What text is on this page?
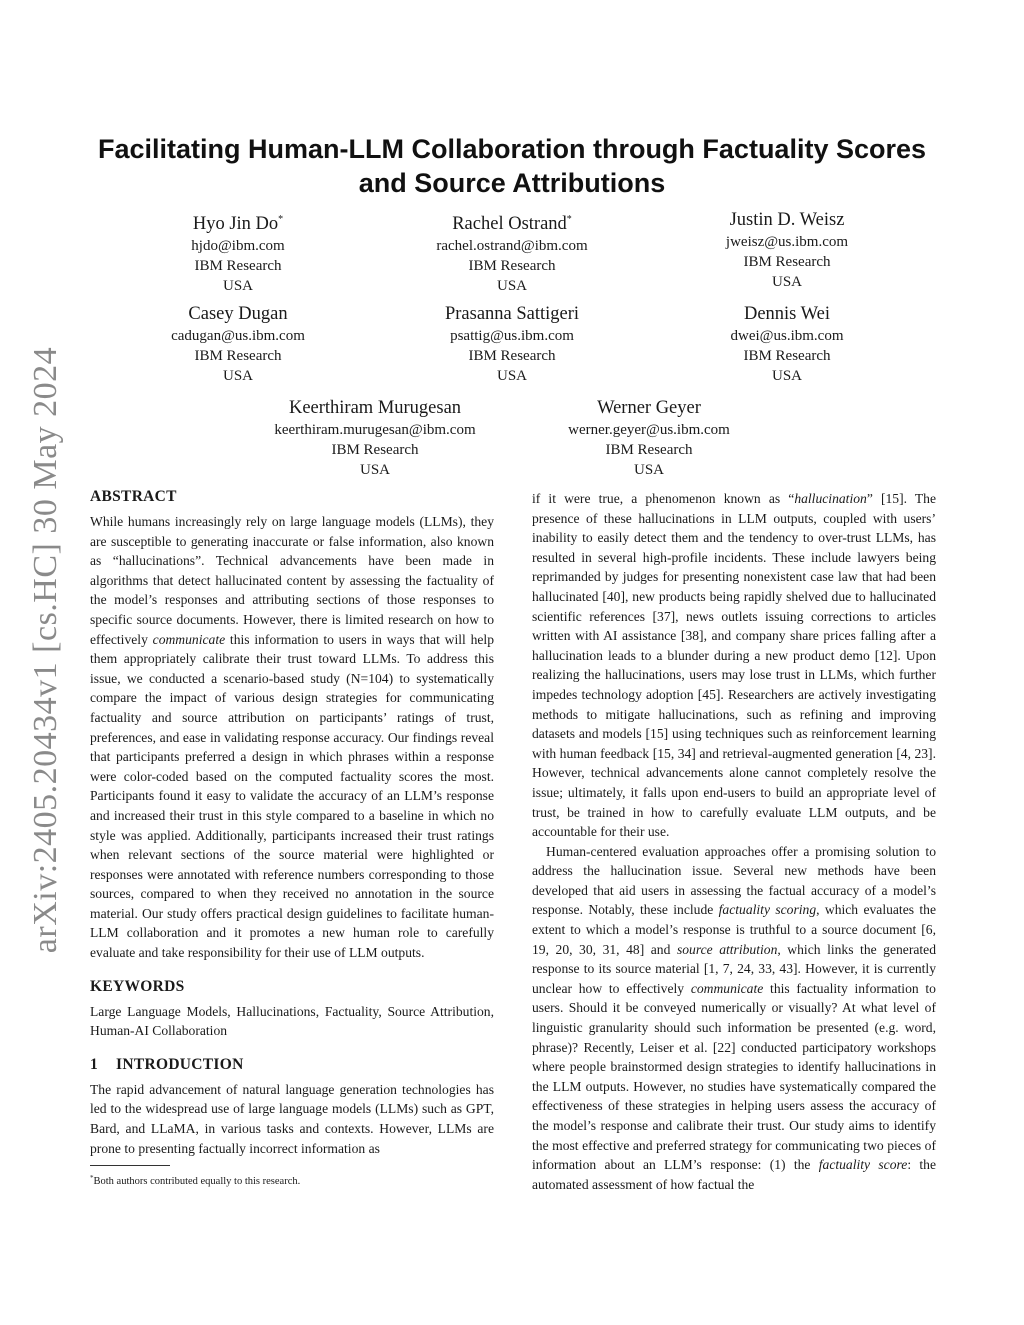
arXiv:2405.20434v1 [cs.HC] 30 May 2024
Facilitating Human-LLM Collaboration through Factuality Scores and Source Attributions
Hyo Jin Do*
hjdo@ibm.com
IBM Research
USA
Rachel Ostrand*
rachel.ostrand@ibm.com
IBM Research
USA
Justin D. Weisz
jweisz@us.ibm.com
IBM Research
USA
Casey Dugan
cadugan@us.ibm.com
IBM Research
USA
Prasanna Sattigeri
psattig@us.ibm.com
IBM Research
USA
Dennis Wei
dwei@us.ibm.com
IBM Research
USA
Keerthiram Murugesan
keerthiram.murugesan@ibm.com
IBM Research
USA
Werner Geyer
werner.geyer@us.ibm.com
IBM Research
USA
ABSTRACT

While humans increasingly rely on large language models (LLMs), they are susceptible to generating inaccurate or false information, also known as “hallucinations”. Technical advancements have been made in algorithms that detect hallucinated content by assessing the factuality of the model’s responses and attributing sections of those responses to specific source documents. However, there is limited research on how to effectively communicate this information to users in ways that will help them appropriately calibrate their trust toward LLMs. To address this issue, we conducted a scenario-based study (N=104) to systematically compare the impact of various design strategies for communicating factuality and source attribution on participants’ ratings of trust, preferences, and ease in validating response accuracy. Our findings reveal that participants preferred a design in which phrases within a response were color-coded based on the computed factuality scores the most. Participants found it easy to validate the accuracy of an LLM’s response and increased their trust in this style compared to a baseline in which no style was applied. Additionally, participants increased their trust ratings when relevant sections of the source material were highlighted or responses were annotated with reference numbers corresponding to those sources, compared to when they received no annotation in the source material. Our study offers practical design guidelines to facilitate human-LLM collaboration and it promotes a new human role to carefully evaluate and take responsibility for their use of LLM outputs.

KEYWORDS

Large Language Models, Hallucinations, Factuality, Source Attribution, Human-AI Collaboration

1 INTRODUCTION

The rapid advancement of natural language generation technologies has led to the widespread use of large language models (LLMs) such as GPT, Bard, and LLaMA, in various tasks and contexts. However, LLMs are prone to presenting factually incorrect information as

if it were true, a phenomenon known as “hallucination” [15]. The presence of these hallucinations in LLM outputs, coupled with users’ inability to easily detect them and the tendency to over-trust LLMs, has resulted in several high-profile incidents. These include lawyers being reprimanded by judges for presenting nonexistent case law that had been hallucinated [40], new products being rapidly shelved due to hallucinated scientific references [37], news outlets issuing corrections to articles written with AI assistance [38], and company share prices falling after a hallucination leads to a blunder during a new product demo [12]. Upon realizing the hallucinations, users may lose trust in LLMs, which further impedes technology adoption [45]. Researchers are actively investigating methods to mitigate hallucinations, such as refining and improving datasets and models [15] using techniques such as reinforcement learning with human feedback [15, 34] and retrieval-augmented generation [4, 23]. However, technical advancements alone cannot completely resolve the issue; ultimately, it falls upon end-users to build an appropriate level of trust, be trained in how to carefully evaluate LLM outputs, and be accountable for their use.

Human-centered evaluation approaches offer a promising solution to address the hallucination issue. Several new methods have been developed that aid users in assessing the factual accuracy of a model’s response. Notably, these include factuality scoring, which evaluates the extent to which a model’s response is truthful to a source document [6, 19, 20, 30, 31, 48] and source attribution, which links the generated response to its source material [1, 7, 24, 33, 43]. However, it is currently unclear how to effectively communicate this factuality information to users. Should it be conveyed numerically or visually? At what level of linguistic granularity should such information be presented (e.g. word, phrase)? Recently, Leiser et al. [22] conducted participatory workshops where people brainstormed design strategies to identify hallucinations in the LLM outputs. However, no studies have systematically compared the effectiveness of these strategies in helping users assess the accuracy of the model’s response and calibrate their trust. Our study aims to identify the most effective and preferred strategy for communicating two pieces of information about an LLM’s response: (1) the factuality score: the automated assessment of how factual the

*Both authors contributed equally to this research.
